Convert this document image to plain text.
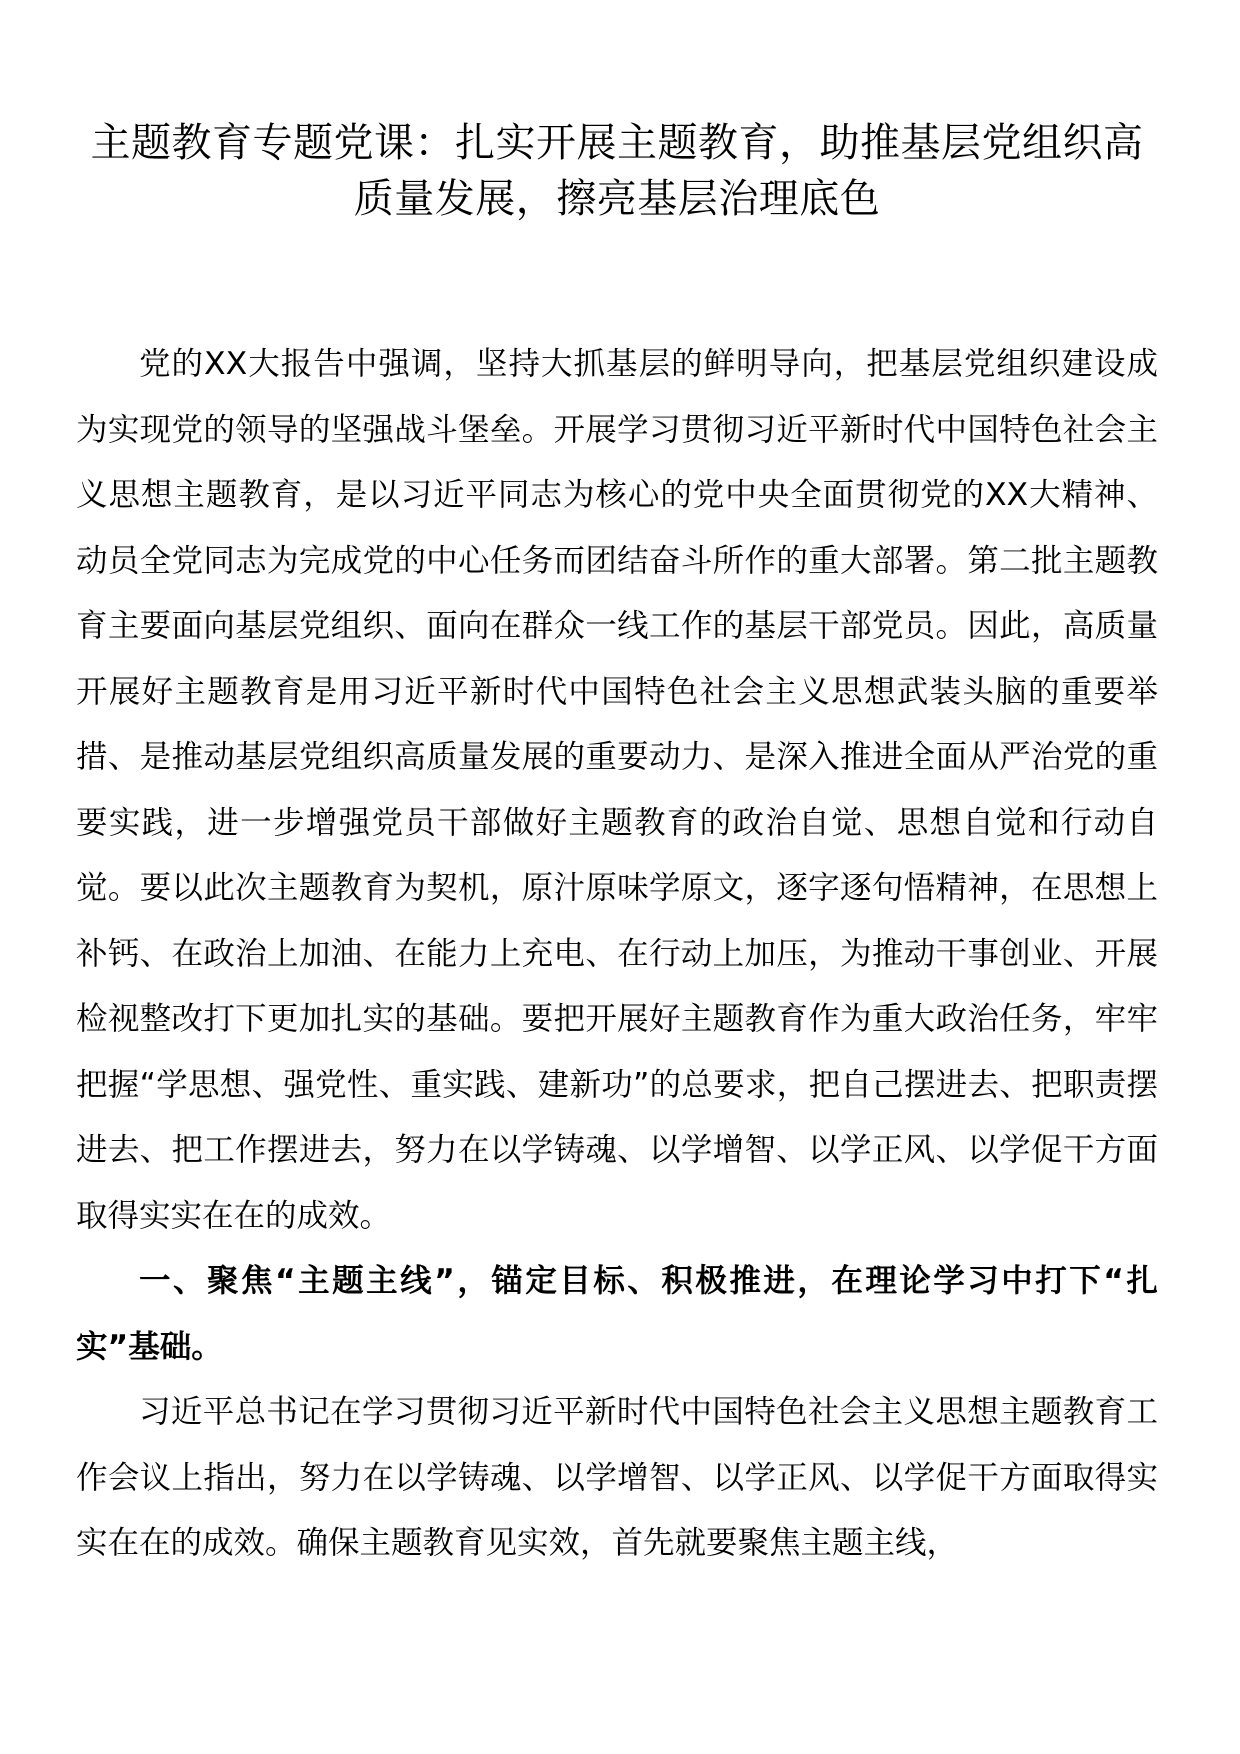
主题教育专题党课：扎实开展主题教育，助推基层党组织高质量发展，擦亮基层治理底色

党的XX大报告中强调，坚持大抓基层的鲜明导向，把基层党组织建设成为实现党的领导的坚强战斗堡垒。开展学习贯彻习近平新时代中国特色社会主义思想主题教育，是以习近平同志为核心的党中央全面贯彻党的XX大精神、动员全党同志为完成党的中心任务而团结奋斗所作的重大部署。第二批主题教育主要面向基层党组织、面向在群众一线工作的基层干部党员。因此，高质量开展好主题教育是用习近平新时代中国特色社会主义思想武装头脑的重要举措、是推动基层党组织高质量发展的重要动力、是深入推进全面从严治党的重要实践，进一步增强党员干部做好主题教育的政治自觉、思想自觉和行动自觉。要以此次主题教育为契机，原汁原味学原文，逐字逐句悟精神，在思想上补钙、在政治上加油、在能力上充电、在行动上加压，为推动干事创业、开展检视整改打下更加扎实的基础。要把开展好主题教育作为重大政治任务，牢牢把握“学思想、强党性、重实践、建新功”的总要求，把自己摆进去、把职责摆进去、把工作摆进去，努力在以学铸魂、以学增智、以学正风、以学促干方面取得实实在在的成效。

一、聚焦“主题主线”，锚定目标、积极推进，在理论学习中打下“扎实”基础。

习近平总书记在学习贯彻习近平新时代中国特色社会主义思想主题教育工作会议上指出，努力在以学铸魂、以学增智、以学正风、以学促干方面取得实实在在的成效。确保主题教育见实效，首先就要聚焦主题主线，
